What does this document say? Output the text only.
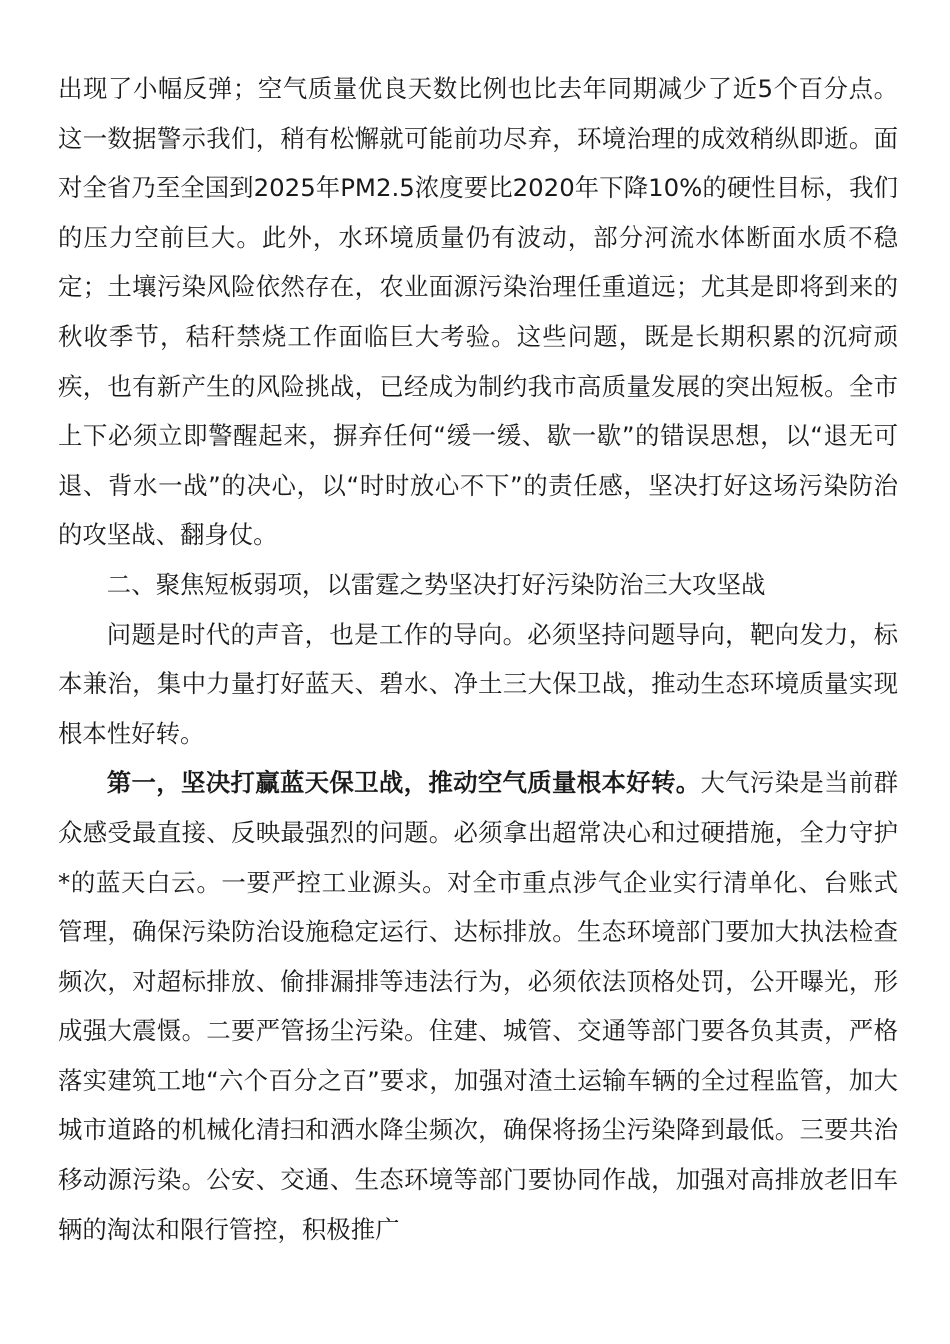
出现了小幅反弹；空气质量优良天数比例也比去年同期减少了近5个百分点。这一数据警示我们，稍有松懈就可能前功尽弃，环境治理的成效稍纵即逝。面对全省乃至全国到2025年PM2.5浓度要比2020年下降10%的硬性目标，我们的压力空前巨大。此外，水环境质量仍有波动，部分河流水体断面水质不稳定；土壤污染风险依然存在，农业面源污染治理任重道远；尤其是即将到来的秋收季节，秸秆禁烧工作面临巨大考验。这些问题，既是长期积累的沉疴顽疾，也有新产生的风险挑战，已经成为制约我市高质量发展的突出短板。全市上下必须立即警醒起来，摒弃任何“缓一缓、歇一歇”的错误思想，以“退无可退、背水一战”的决心，以“时时放心不下”的责任感，坚决打好这场污染防治的攻坚战、翻身仗。

二、聚焦短板弱项，以雷霆之势坚决打好污染防治三大攻坚战

问题是时代的声音，也是工作的导向。必须坚持问题导向，靶向发力，标本兼治，集中力量打好蓝天、碧水、净土三大保卫战，推动生态环境质量实现根本性好转。

第一，坚决打赢蓝天保卫战，推动空气质量根本好转。大气污染是当前群众感受最直接、反映最强烈的问题。必须拿出超常决心和过硬措施，全力守护*的蓝天白云。一要严控工业源头。对全市重点涉气企业实行清单化、台账式管理，确保污染防治设施稳定运行、达标排放。生态环境部门要加大执法检查频次，对超标排放、偷排漏排等违法行为，必须依法顶格处罚，公开曝光，形成强大震慑。二要严管扬尘污染。住建、城管、交通等部门要各负其责，严格落实建筑工地“六个百分之百”要求，加强对渣土运输车辆的全过程监管，加大城市道路的机械化清扫和洒水降尘频次，确保将扬尘污染降到最低。三要共治移动源污染。公安、交通、生态环境等部门要协同作战，加强对高排放老旧车辆的淘汰和限行管控，积极推广
